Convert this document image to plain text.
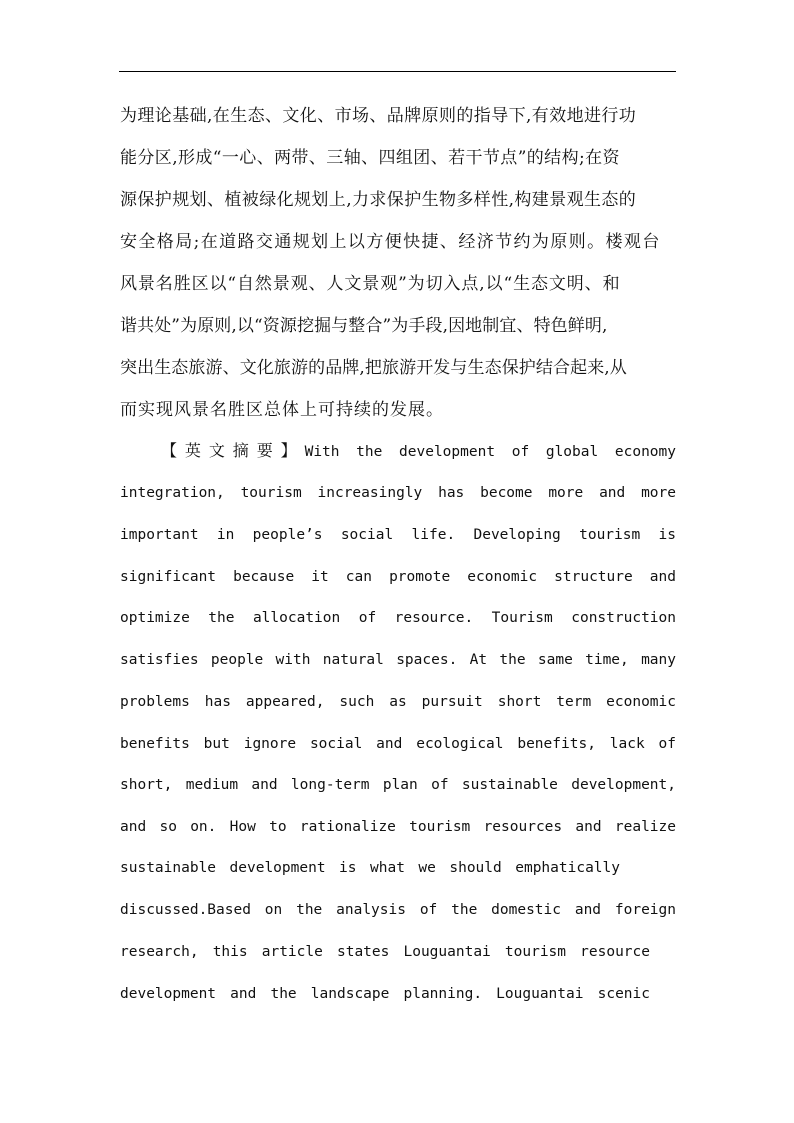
为理论基础,在生态、文化、市场、品牌原则的指导下,有效地进行功
能分区,形成“一心、两带、三轴、四组团、若干节点”的结构;在资
源保护规划、植被绿化规划上,力求保护生物多样性,构建景观生态的
安全格局;在道路交通规划上以方便快捷、经济节约为原则。楼观台
风景名胜区以“自然景观、人文景观”为切入点,以“生态文明、和
谐共处”为原则,以“资源挖掘与整合”为手段,因地制宜、特色鲜明,
突出生态旅游、文化旅游的品牌,把旅游开发与生态保护结合起来,从
而实现风景名胜区总体上可持续的发展。
【英文摘要】With the development of global economy
integration, tourism increasingly has become more and more
important in people’s social life. Developing tourism is
significant because it can promote economic structure and
optimize the allocation of resource. Tourism construction
satisfies people with natural spaces. At the same time, many
problems has appeared, such as pursuit short term economic
benefits but ignore social and ecological benefits, lack of
short, medium and long-term plan of sustainable development,
and so on. How to rationalize tourism resources and realize
sustainable development is what we should emphatically
discussed.Based on the analysis of the domestic and foreign
research, this article states Louguantai tourism resource
development and the landscape planning. Louguantai scenic
